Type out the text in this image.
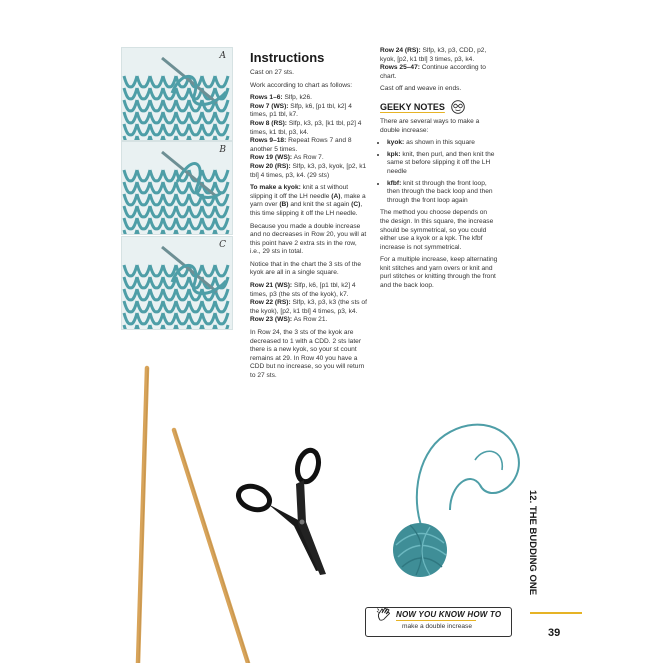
A
B
C
Instructions

Cast on 27 sts.

Work according to chart as follows:

Rows 1–6: Slfp, k26.
Row 7 (WS): Slfp, k6, [p1 tbl, k2] 4 times, p1 tbl, k7.
Row 8 (RS): Slfp, k3, p3, [k1 tbl, p2] 4 times, k1 tbl, p3, k4.
Rows 9–18: Repeat Rows 7 and 8 another 5 times.
Row 19 (WS): As Row 7.
Row 20 (RS): Slfp, k3, p3, kyok, [p2, k1 tbl] 4 times, p3, k4. (29 sts)

To make a kyok: knit a st without slipping it off the LH needle (A), make a yarn over (B) and knit the st again (C), this time slipping it off the LH needle.

Because you made a double increase and no decreases in Row 20, you will at this point have 2 extra sts in the row, i.e., 29 sts in total.

Notice that in the chart the 3 sts of the kyok are all in a single square.

Row 21 (WS): Slfp, k6, [p1 tbl, k2] 4 times, p3 (the sts of the kyok), k7.
Row 22 (RS): Slfp, k3, p3, k3 (the sts of the kyok), [p2, k1 tbl] 4 times, p3, k4.
Row 23 (WS): As Row 21.

In Row 24, the 3 sts of the kyok are decreased to 1 with a CDD. 2 sts later there is a new kyok, so your st count remains at 29. In Row 40 you have a CDD but no increase, so you will return to 27 sts.

Row 24 (RS): Slfp, k3, p3, CDD, p2, kyok, [p2, k1 tbl] 3 times, p3, k4.
Rows 25–47: Continue according to chart.

Cast off and weave in ends.

GEEKY NOTES

There are several ways to make a double increase:

• kyok: as shown in this square
• kpk: knit, then purl, and then knit the same st before slipping it off the LH needle
• kfbf: knit st through the front loop, then through the back loop and then through the front loop again

The method you choose depends on the design. In this square, the increase should be symmetrical, so you could either use a kyok or a kpk. The kfbf increase is not symmetrical.

For a multiple increase, keep alternating knit stitches and yarn overs or knit and purl stitches or knitting through the front and the back loop.

12. THE BUDDING ONE
39
NOW YOU KNOW HOW TO
make a double increase
